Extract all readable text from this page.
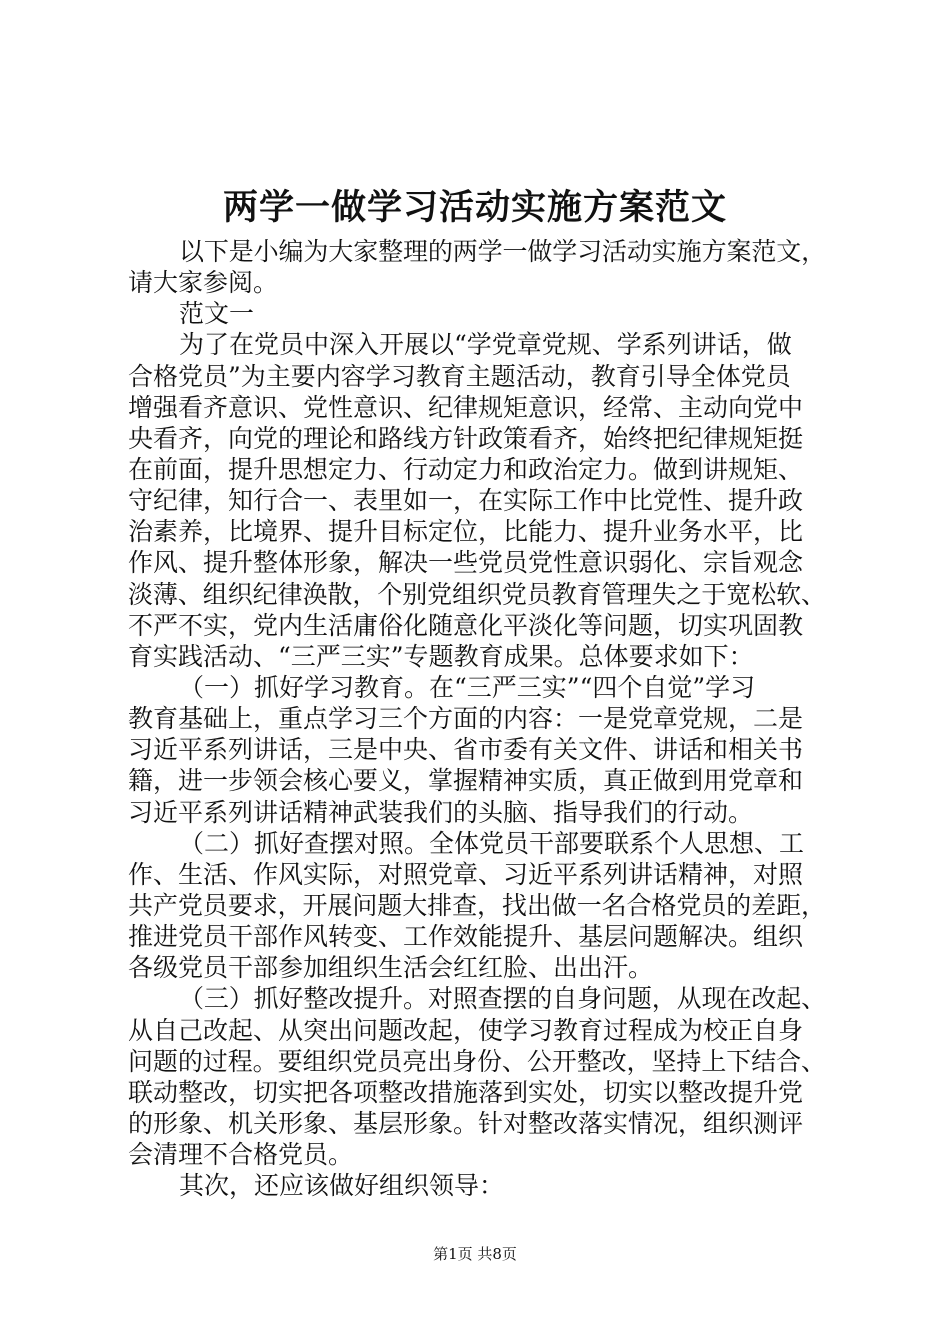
两学一做学习活动实施方案范文
以下是小编为大家整理的两学一做学习活动实施方案范文，
请大家参阅。
范文一
为了在党员中深入开展以“学党章党规、学系列讲话，做
合格党员”为主要内容学习教育主题活动，教育引导全体党员
增强看齐意识、党性意识、纪律规矩意识，经常、主动向党中
央看齐，向党的理论和路线方针政策看齐，始终把纪律规矩挺
在前面，提升思想定力、行动定力和政治定力。做到讲规矩、
守纪律，知行合一、表里如一，在实际工作中比党性、提升政
治素养，比境界、提升目标定位，比能力、提升业务水平，比
作风、提升整体形象，解决一些党员党性意识弱化、宗旨观念
淡薄、组织纪律涣散，个别党组织党员教育管理失之于宽松软、
不严不实，党内生活庸俗化随意化平淡化等问题，切实巩固教
育实践活动、“三严三实”专题教育成果。总体要求如下：
（一）抓好学习教育。在“三严三实”“四个自觉”学习
教育基础上，重点学习三个方面的内容：一是党章党规，二是
习近平系列讲话，三是中央、省市委有关文件、讲话和相关书
籍，进一步领会核心要义，掌握精神实质，真正做到用党章和
习近平系列讲话精神武装我们的头脑、指导我们的行动。
（二）抓好查摆对照。全体党员干部要联系个人思想、工
作、生活、作风实际，对照党章、习近平系列讲话精神，对照
共产党员要求，开展问题大排查，找出做一名合格党员的差距，
推进党员干部作风转变、工作效能提升、基层问题解决。组织
各级党员干部参加组织生活会红红脸、出出汗。
（三）抓好整改提升。对照查摆的自身问题，从现在改起、
从自己改起、从突出问题改起，使学习教育过程成为校正自身
问题的过程。要组织党员亮出身份、公开整改，坚持上下结合、
联动整改，切实把各项整改措施落到实处，切实以整改提升党
的形象、机关形象、基层形象。针对整改落实情况，组织测评
会清理不合格党员。
其次，还应该做好组织领导：
第1页 共8页
